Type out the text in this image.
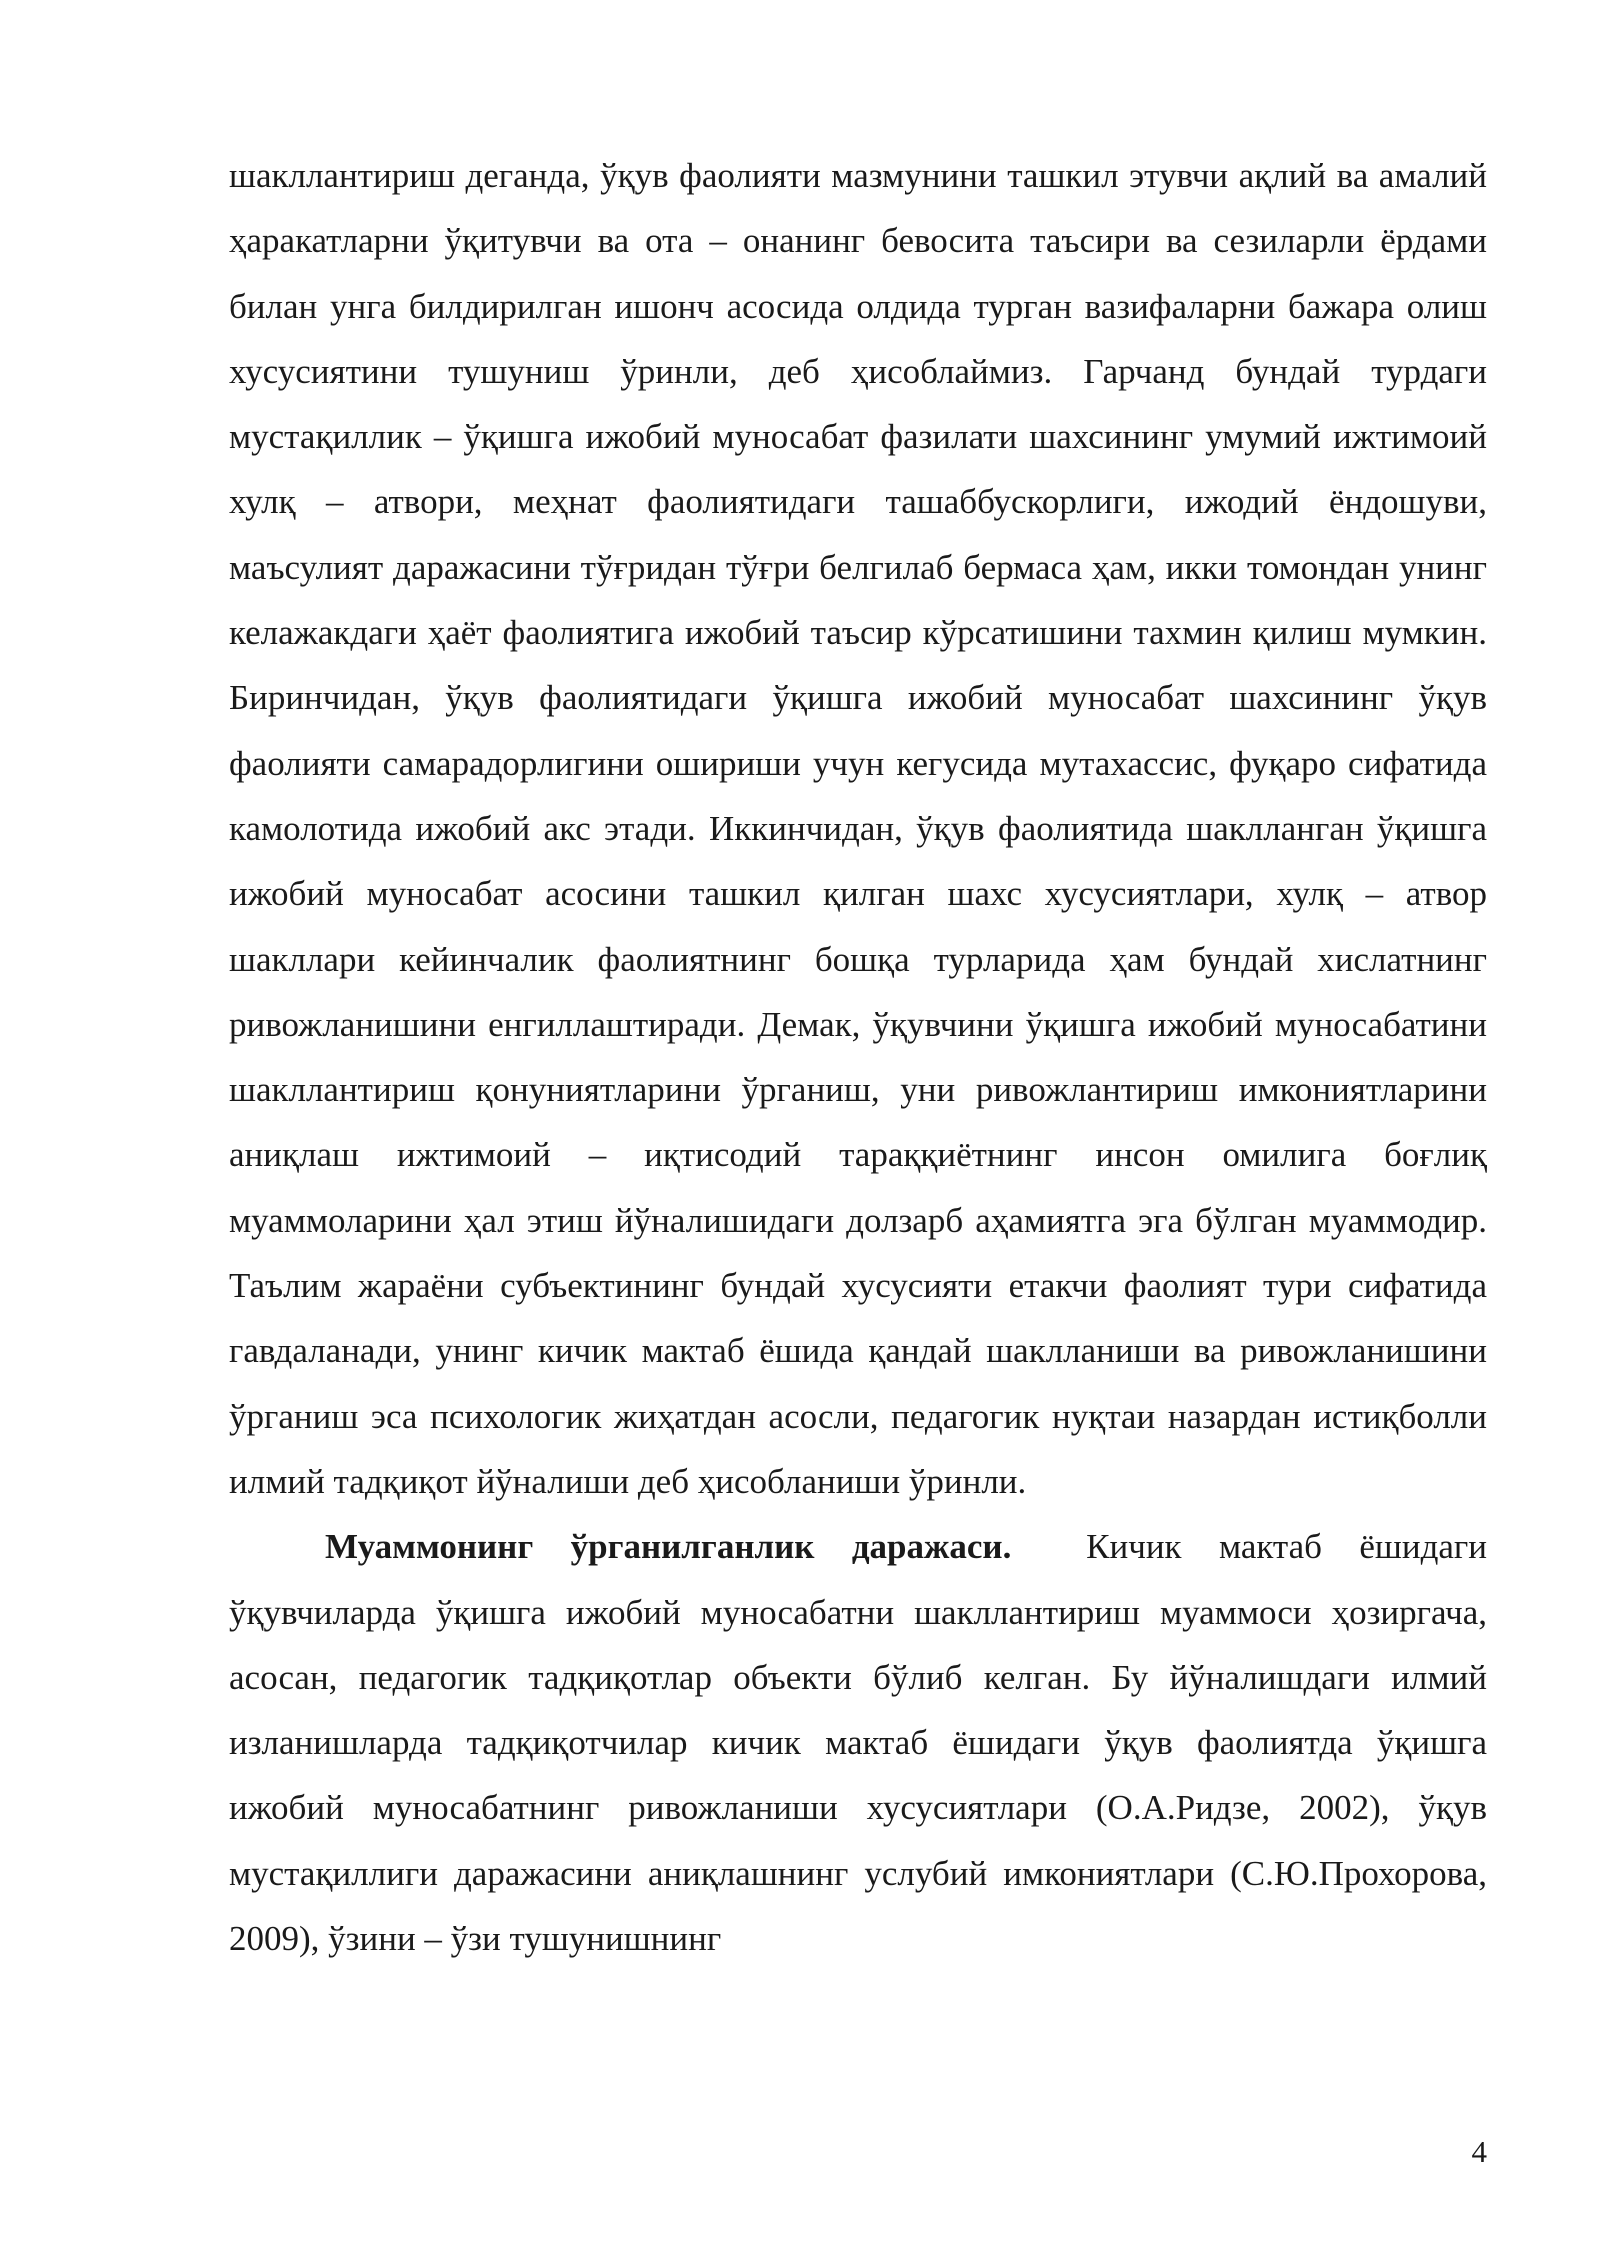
шакллантириш деганда, ўқув фаолияти мазмунини ташкил этувчи ақлий ва амалий ҳаракатларни ўқитувчи ва ота – онанинг бевосита таъсири ва сезиларли ёрдами билан унга билдирилган ишонч асосида олдида турган вазифаларни бажара олиш хусусиятини тушуниш ўринли, деб ҳисоблаймиз. Гарчанд бундай турдаги мустақиллик – ўқишга ижобий муносабат фазилати шахсининг умумий ижтимоий хулқ – атвори, меҳнат фаолиятидаги ташаббускорлиги, ижодий ёндошуви, маъсулият даражасини тўғридан тўғри белгилаб бермаса ҳам, икки томондан унинг келажакдаги ҳаёт фаолиятига ижобий таъсир кўрсатишини тахмин қилиш мумкин. Биринчидан, ўқув фаолиятидаги ўқишга ижобий муносабат шахсининг ўқув фаолияти самарадорлигини ошириши учун кегусида мутахассис, фуқаро сифатида камолотида ижобий акс этади. Иккинчидан, ўқув фаолиятида шаклланган ўқишга ижобий муносабат асосини ташкил қилган шахс хусусиятлари, хулқ – атвор шакллари кейинчалик фаолиятнинг бошқа турларида ҳам бундай хислатнинг ривожланишини енгиллаштиради. Демак, ўқувчини ўқишга ижобий муносабатини шакллантириш қонуниятларини ўрганиш, уни ривожлантириш имкониятларини аниқлаш ижтимоий – иқтисодий тараққиётнинг инсон омилига боғлиқ муаммоларини ҳал этиш йўналишидаги долзарб аҳамиятга эга бўлган муаммодир. Таълим жараёни субъектининг бундай хусусияти етакчи фаолият тури сифатида гавдаланади, унинг кичик мактаб ёшида қандай шаклланиши ва ривожланишини ўрганиш эса психологик жиҳатдан асосли, педагогик нуқтаи назардан истиқболли илмий тадқиқот йўналиши деб ҳисобланиши ўринли.

Муаммонинг ўрганилганлик даражаси. Кичик мактаб ёшидаги ўқувчиларда ўқишга ижобий муносабатни шакллантириш муаммоси ҳозиргача, асосан, педагогик тадқиқотлар объекти бўлиб келган. Бу йўналишдаги илмий изланишларда тадқиқотчилар кичик мактаб ёшидаги ўқув фаолиятда ўқишга ижобий муносабатнинг ривожланиши хусусиятлари (О.А.Ридзе, 2002), ўқув мустақиллиги даражасини аниқлашнинг услубий имкониятлари (С.Ю.Прохорова, 2009), ўзини – ўзи тушунишнинг

4
